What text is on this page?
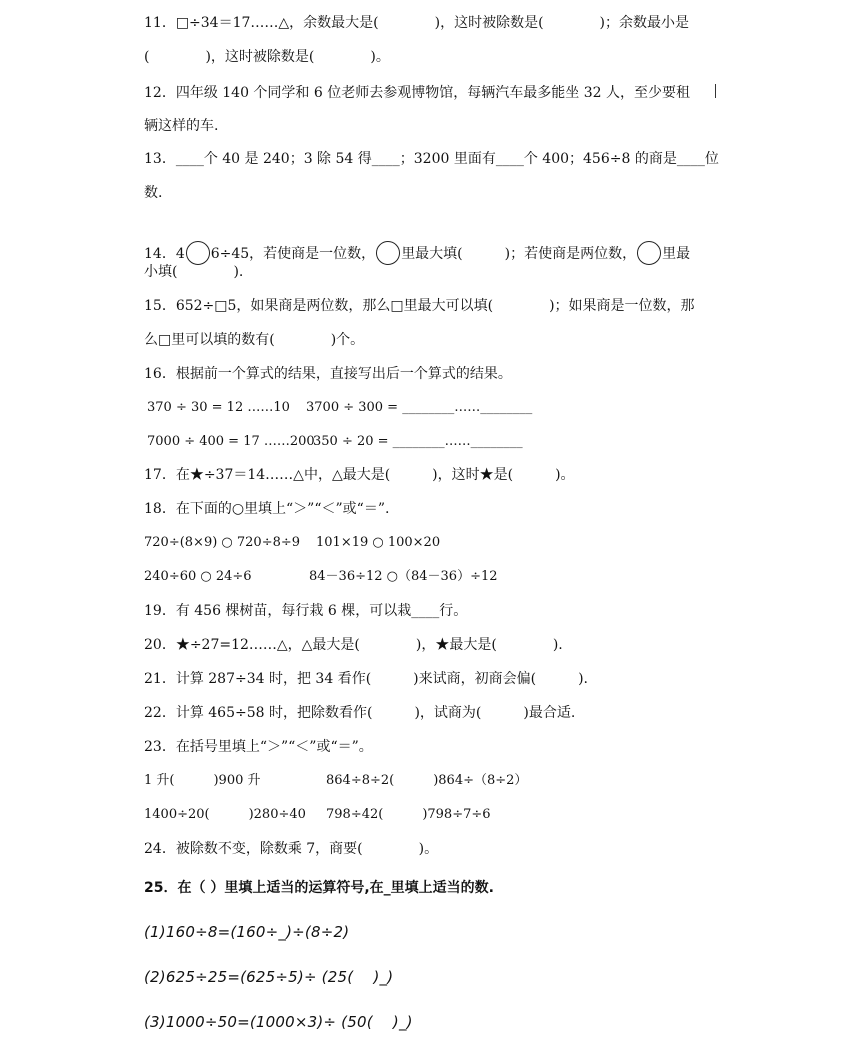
11．□÷34＝17……△，余数最大是(　　　　)，这时被除数是(　　　　)；余数最小是
(　　　　)，这时被除数是(　　　　)。
12．四年级 140 个同学和 6 位老师去参观博物馆，每辆汽车最多能坐 32 人，至少要租
辆这样的车.
13．____个 40 是 240；3 除 54 得____；3200 里面有____个 400；456÷8 的商是____位
数.

14．4 6÷45，若使商是一位数， 里最大填(　　　)；若使商是两位数， 里最

小填(　　　　).
15．652÷□5，如果商是两位数，那么□里最大可以填(　　　　)；如果商是一位数，那
么□里可以填的数有(　　　　)个。
16．根据前一个算式的结果，直接写出后一个算式的结果。
370 ÷ 30 = 12 ……10 3700 ÷ 300 = ________……________
7000 ÷ 400 = 17 ……200
350 ÷ 20 = ________……________
17．在★÷37＝14……△中，△最大是(　　　)，这时★是(　　　)。
18．在下面的○里填上“＞”“＜”或“＝”.
720÷(8×9) ○ 720÷8÷9 101×19 ○ 100×20
240÷60 ○ 24÷6	84－36÷12 ○（84－36）÷12
19．有 456 棵树苗，每行栽 6 棵，可以栽____行。
20．★÷27=12……△，△最大是(　　　　)，★最大是(　　　　).
21．计算 287÷34 时，把 34 看作(　　　)来试商，初商会偏(　　　).
22．计算 465÷58 时，把除数看作(　　　)，试商为(　　　)最合适.
23．在括号里填上“＞”“＜”或“＝”。
1 升(　　　)900 升	864÷8÷2(　　　)864÷（8÷2）
1400÷20(　　　)280÷40 798÷42(　　　)798÷7÷6
24．被除数不变，除数乘 7，商要(　　　　)。
25．在（ ）里填上适当的运算符号,在_里填上适当的数.
(1)160÷8=(160÷_)÷(8÷2)
(2)625÷25=(625÷5)÷ (25(　 )_)
(3)1000÷50=(1000×3)÷ (50(　 )_)
